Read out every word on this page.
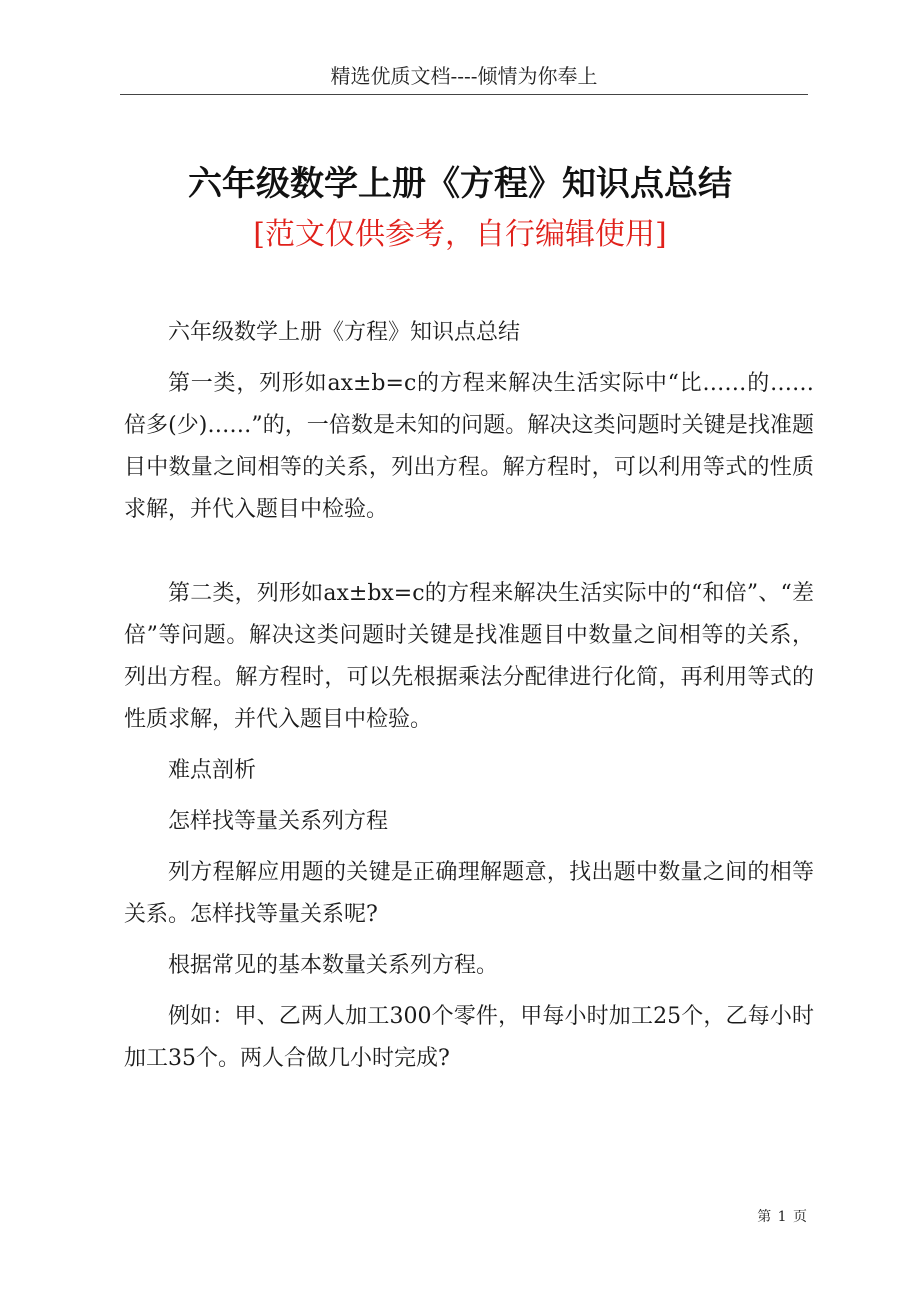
精选优质文档----倾情为你奉上
六年级数学上册《方程》知识点总结
[范文仅供参考，自行编辑使用]

六年级数学上册《方程》知识点总结

第一类，列形如ax±b=c的方程来解决生活实际中“比……的……倍多(少)……”的，一倍数是未知的问题。解决这类问题时关键是找准题目中数量之间相等的关系，列出方程。解方程时，可以利用等式的性质求解，并代入题目中检验。

第二类，列形如ax±bx=c的方程来解决生活实际中的“和倍”、“差倍”等问题。解决这类问题时关键是找准题目中数量之间相等的关系，列出方程。解方程时，可以先根据乘法分配律进行化简，再利用等式的性质求解，并代入题目中检验。

难点剖析

怎样找等量关系列方程

列方程解应用题的关键是正确理解题意，找出题中数量之间的相等关系。怎样找等量关系呢?

根据常见的基本数量关系列方程。

例如：甲、乙两人加工300个零件，甲每小时加工25个，乙每小时加工35个。两人合做几小时完成?

第 1 页
